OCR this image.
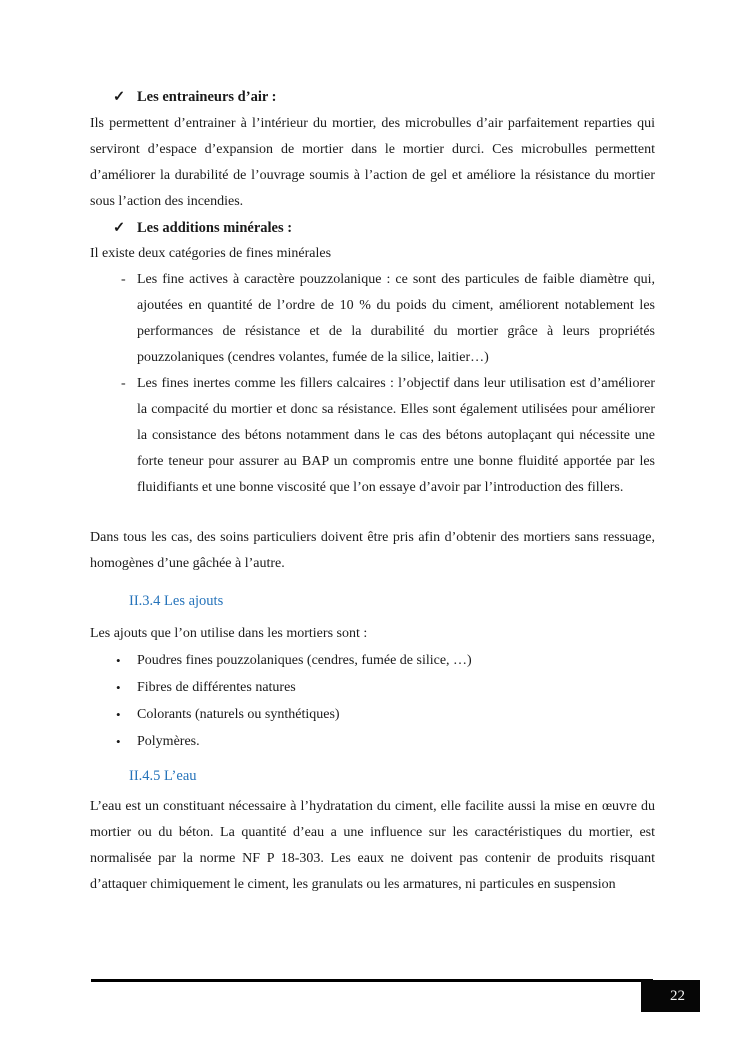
✓ Les entraineurs d’air :

Ils permettent d’entrainer à l’intérieur du mortier, des microbulles d’air parfaitement reparties qui serviront d’espace d’expansion de mortier dans le mortier durci. Ces microbulles permettent d’améliorer la durabilité de l’ouvrage soumis à l’action de gel et améliore la résistance du mortier sous l’action des incendies.

✓ Les additions minérales :

Il existe deux catégories de fines minérales

- Les fine actives à caractère pouzzolanique : ce sont des particules de faible diamètre qui, ajoutées en quantité de l’ordre de 10 % du poids du ciment, améliorent notablement les performances de résistance et de la durabilité du mortier grâce à leurs propriétés pouzzolaniques (cendres volantes, fumée de la silice, laitier…)
- Les fines inertes comme les fillers calcaires : l’objectif dans leur utilisation est d’améliorer la compacité du mortier et donc sa résistance. Elles sont également utilisées pour améliorer la consistance des bétons notamment dans le cas des bétons autoplaçant qui nécessite une forte teneur pour assurer au BAP un compromis entre une bonne fluidité apportée par les fluidifiants et une bonne viscosité que l’on essaye d’avoir par l’introduction des fillers.

Dans tous les cas, des soins particuliers doivent être pris afin d’obtenir des mortiers sans ressuage, homogènes d’une gâchée à l’autre.

II.3.4 Les ajouts

Les ajouts que l’on utilise dans les mortiers sont :

• Poudres fines pouzzolaniques (cendres, fumée de silice, …)
• Fibres de différentes natures
• Colorants (naturels ou synthétiques)
• Polymères.
II.4.5 L’eau

L’eau est un constituant nécessaire à l’hydratation du ciment, elle facilite aussi la mise en œuvre du mortier ou du béton. La quantité d’eau a une influence sur les caractéristiques du mortier, est normalisée par la norme NF P 18-303. Les eaux ne doivent pas contenir de produits risquant d’attaquer chimiquement le ciment, les granulats ou les armatures, ni particules en suspension

22
